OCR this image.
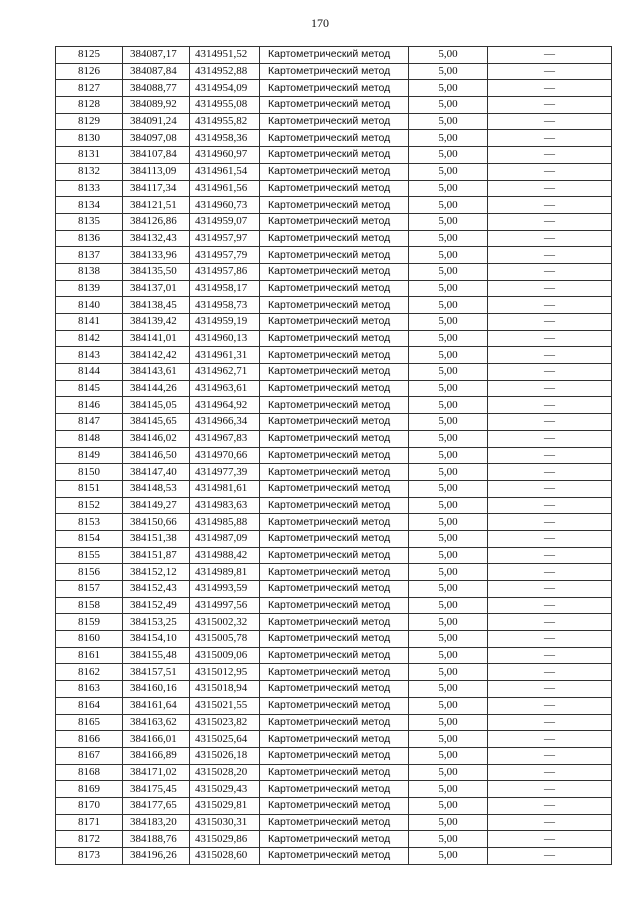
170
8125	384087,17	4314951,52	Картометрический метод	5,00	—
8126	384087,84	4314952,88	Картометрический метод	5,00	—
8127	384088,77	4314954,09	Картометрический метод	5,00	—
8128	384089,92	4314955,08	Картометрический метод	5,00	—
8129	384091,24	4314955,82	Картометрический метод	5,00	—
8130	384097,08	4314958,36	Картометрический метод	5,00	—
8131	384107,84	4314960,97	Картометрический метод	5,00	—
8132	384113,09	4314961,54	Картометрический метод	5,00	—
8133	384117,34	4314961,56	Картометрический метод	5,00	—
8134	384121,51	4314960,73	Картометрический метод	5,00	—
8135	384126,86	4314959,07	Картометрический метод	5,00	—
8136	384132,43	4314957,97	Картометрический метод	5,00	—
8137	384133,96	4314957,79	Картометрический метод	5,00	—
8138	384135,50	4314957,86	Картометрический метод	5,00	—
8139	384137,01	4314958,17	Картометрический метод	5,00	—
8140	384138,45	4314958,73	Картометрический метод	5,00	—
8141	384139,42	4314959,19	Картометрический метод	5,00	—
8142	384141,01	4314960,13	Картометрический метод	5,00	—
8143	384142,42	4314961,31	Картометрический метод	5,00	—
8144	384143,61	4314962,71	Картометрический метод	5,00	—
8145	384144,26	4314963,61	Картометрический метод	5,00	—
8146	384145,05	4314964,92	Картометрический метод	5,00	—
8147	384145,65	4314966,34	Картометрический метод	5,00	—
8148	384146,02	4314967,83	Картометрический метод	5,00	—
8149	384146,50	4314970,66	Картометрический метод	5,00	—
8150	384147,40	4314977,39	Картометрический метод	5,00	—
8151	384148,53	4314981,61	Картометрический метод	5,00	—
8152	384149,27	4314983,63	Картометрический метод	5,00	—
8153	384150,66	4314985,88	Картометрический метод	5,00	—
8154	384151,38	4314987,09	Картометрический метод	5,00	—
8155	384151,87	4314988,42	Картометрический метод	5,00	—
8156	384152,12	4314989,81	Картометрический метод	5,00	—
8157	384152,43	4314993,59	Картометрический метод	5,00	—
8158	384152,49	4314997,56	Картометрический метод	5,00	—
8159	384153,25	4315002,32	Картометрический метод	5,00	—
8160	384154,10	4315005,78	Картометрический метод	5,00	—
8161	384155,48	4315009,06	Картометрический метод	5,00	—
8162	384157,51	4315012,95	Картометрический метод	5,00	—
8163	384160,16	4315018,94	Картометрический метод	5,00	—
8164	384161,64	4315021,55	Картометрический метод	5,00	—
8165	384163,62	4315023,82	Картометрический метод	5,00	—
8166	384166,01	4315025,64	Картометрический метод	5,00	—
8167	384166,89	4315026,18	Картометрический метод	5,00	—
8168	384171,02	4315028,20	Картометрический метод	5,00	—
8169	384175,45	4315029,43	Картометрический метод	5,00	—
8170	384177,65	4315029,81	Картометрический метод	5,00	—
8171	384183,20	4315030,31	Картометрический метод	5,00	—
8172	384188,76	4315029,86	Картометрический метод	5,00	—
8173	384196,26	4315028,60	Картометрический метод	5,00	—
